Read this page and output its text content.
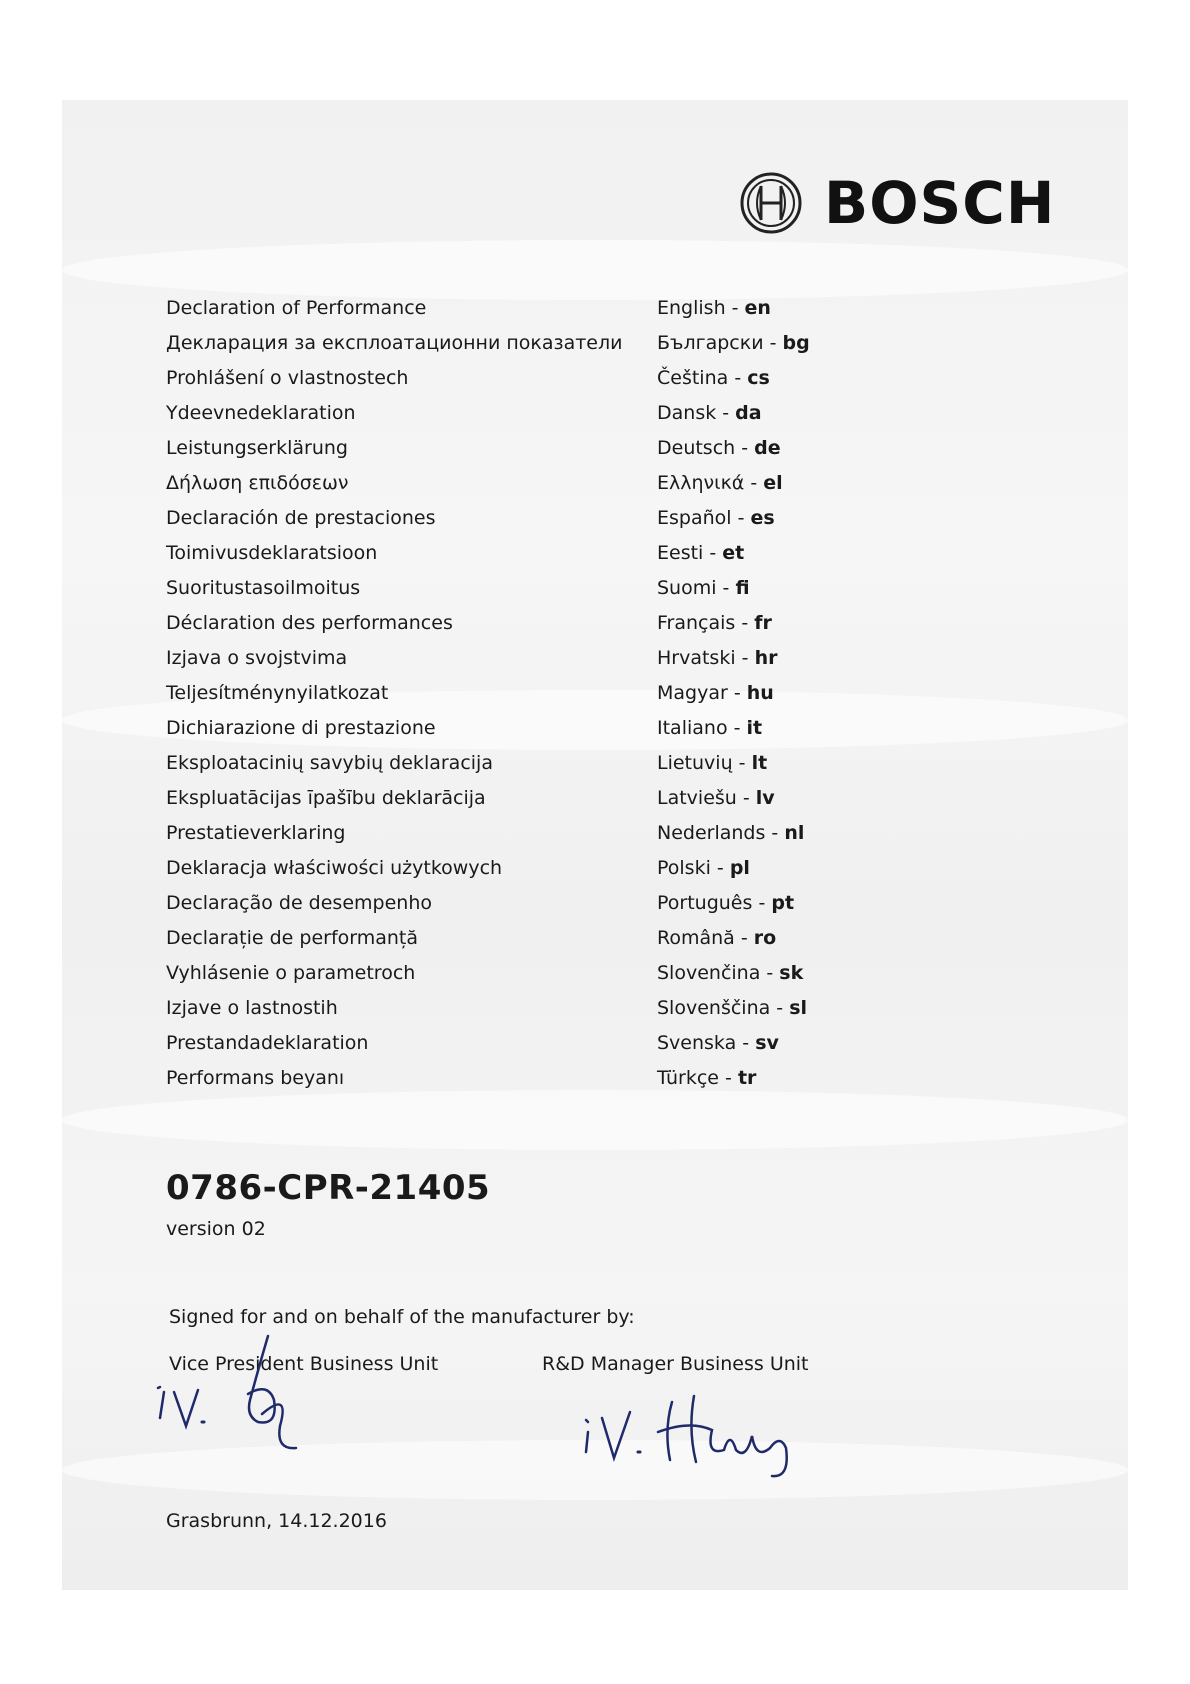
BOSCH
Declaration of Performance	English - en
Декларация за експлоатационни показатели	Български - bg
Prohlášení o vlastnostech	Čeština - cs
Ydeevnedeklaration	Dansk - da
Leistungserklärung	Deutsch - de
Δήλωση επιδόσεων	Ελληνικά - el
Declaración de prestaciones	Español - es
Toimivusdeklaratsioon	Eesti - et
Suoritustasoilmoitus	Suomi - fi
Déclaration des performances	Français - fr
Izjava o svojstvima	Hrvatski - hr
Teljesítménynyilatkozat	Magyar - hu
Dichiarazione di prestazione	Italiano - it
Eksploatacinių savybių deklaracija	Lietuvių - lt
Ekspluatācijas īpašību deklarācija	Latviešu - lv
Prestatieverklaring	Nederlands - nl
Deklaracja właściwości użytkowych	Polski - pl
Declaração de desempenho	Português - pt
Declarație de performanță	Română - ro
Vyhlásenie o parametroch	Slovenčina - sk
Izjave o lastnostih	Slovenščina - sl
Prestandadeklaration	Svenska - sv
Performans beyanı	Türkçe - tr
0786-CPR-21405
version 02
Signed for and on behalf of the manufacturer by:
Vice President Business Unit	R&D Manager Business Unit
Grasbrunn, 14.12.2016
